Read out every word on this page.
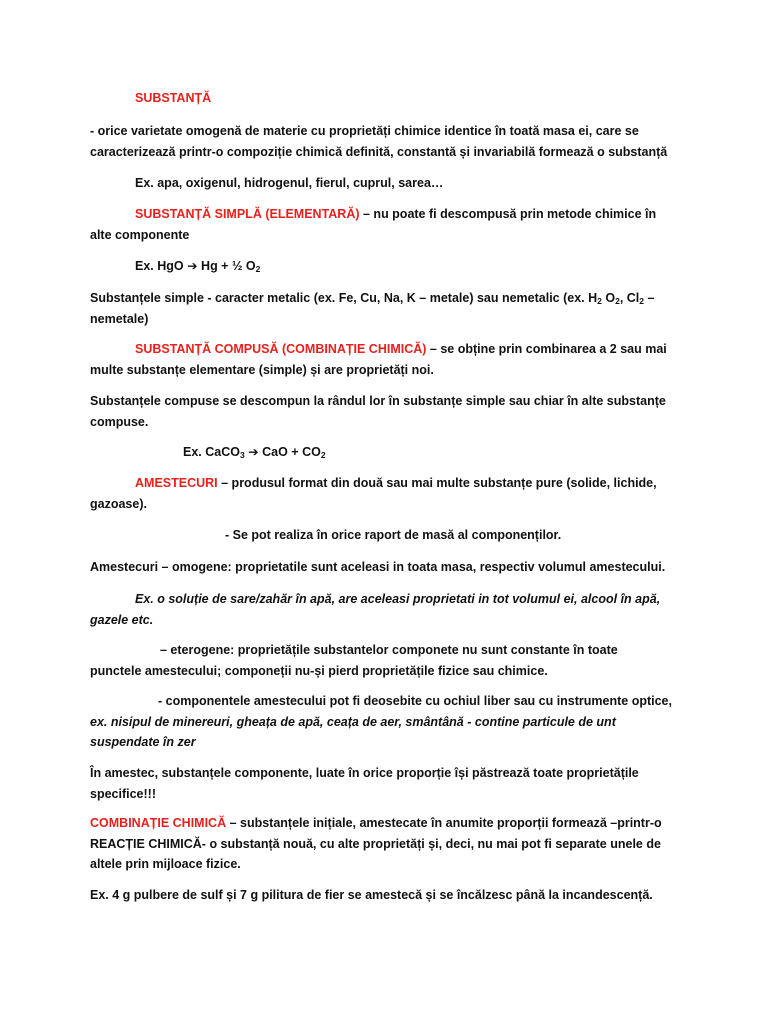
SUBSTANȚĂ

- orice varietate omogenă de materie cu proprietăți chimice identice în toată masa ei, care se caracterizează printr-o compoziție chimică definită, constantă și invariabilă formează o substanță

Ex. apa, oxigenul, hidrogenul, fierul, cuprul, sarea…

SUBSTANȚĂ SIMPLĂ (ELEMENTARĂ) – nu poate fi descompusă prin metode chimice în alte componente

Ex. HgO ➔ Hg + ½ $O_2$

Substanțele simple - caracter metalic (ex. Fe, Cu, Na, K – metale) sau nemetalic (ex. $H_2$ $O_2$, $Cl_2$ – nemetale)

SUBSTANȚĂ COMPUSĂ (COMBINAȚIE CHIMICĂ) – se obține prin combinarea a 2 sau mai multe substanțe elementare (simple) și are proprietăți noi.

Substanțele compuse se descompun la rândul lor în substanțe simple sau chiar în alte substanțe compuse.

Ex. CaCO$_3$ ➔ CaO + $CO_2$

AMESTECURI – produsul format din două sau mai multe substanțe pure (solide, lichide, gazoase).

- Se pot realiza în orice raport de masă al componenților.

Amestecuri – omogene: proprietatile sunt aceleasi in toata masa, respectiv volumul amestecului.

Ex. o soluție de sare/zahăr în apă, are aceleasi proprietati in tot volumul ei, alcool în apă, gazele etc.

– eterogene: proprietățile substantelor componete nu sunt constante în toate punctele amestecului; componeții nu-și pierd proprietățile fizice sau chimice.

- componentele amestecului pot fi deosebite cu ochiul liber sau cu instrumente optice, ex. nisipul de minereuri, gheața de apă, ceața de aer, smântână - contine particule de unt suspendate în zer

În amestec, substanțele componente, luate în orice proporție își păstrează toate proprietățile specifice!!!

COMBINAȚIE CHIMICĂ – substanțele inițiale, amestecate în anumite proporții formează –printr-o REACȚIE CHIMICĂ- o substanță nouă, cu alte proprietăți și, deci, nu mai pot fi separate unele de altele prin mijloace fizice.

Ex. 4 g pulbere de sulf și 7 g pilitura de fier se amestecă și se încălzesc până la incandescență.
